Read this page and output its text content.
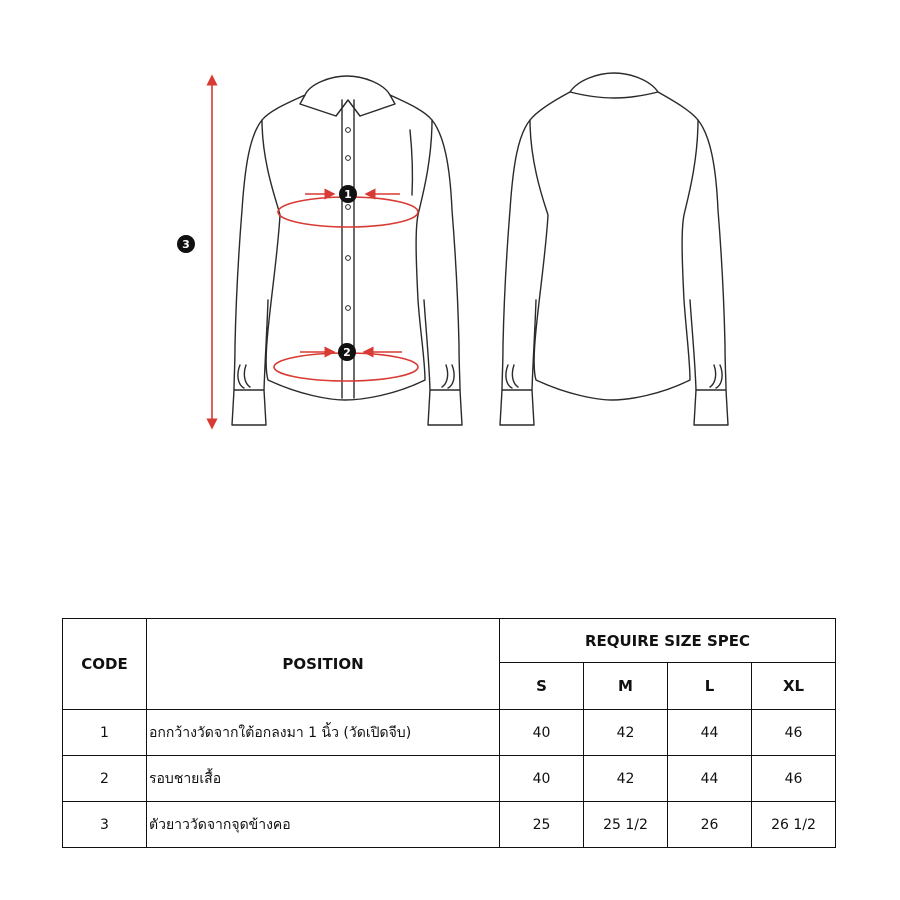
1
2
3
CODE	POSITION	REQUIRE SIZE SPEC			
		S	M	L	XL
1	อกกว้างวัดจากใต้อกลงมา 1 นิ้ว (วัดเปิดจีบ)	40	42	44	46
2	รอบชายเสื้อ	40	42	44	46
3	ตัวยาววัดจากจุดข้างคอ	25	25 1/2	26	26 1/2
